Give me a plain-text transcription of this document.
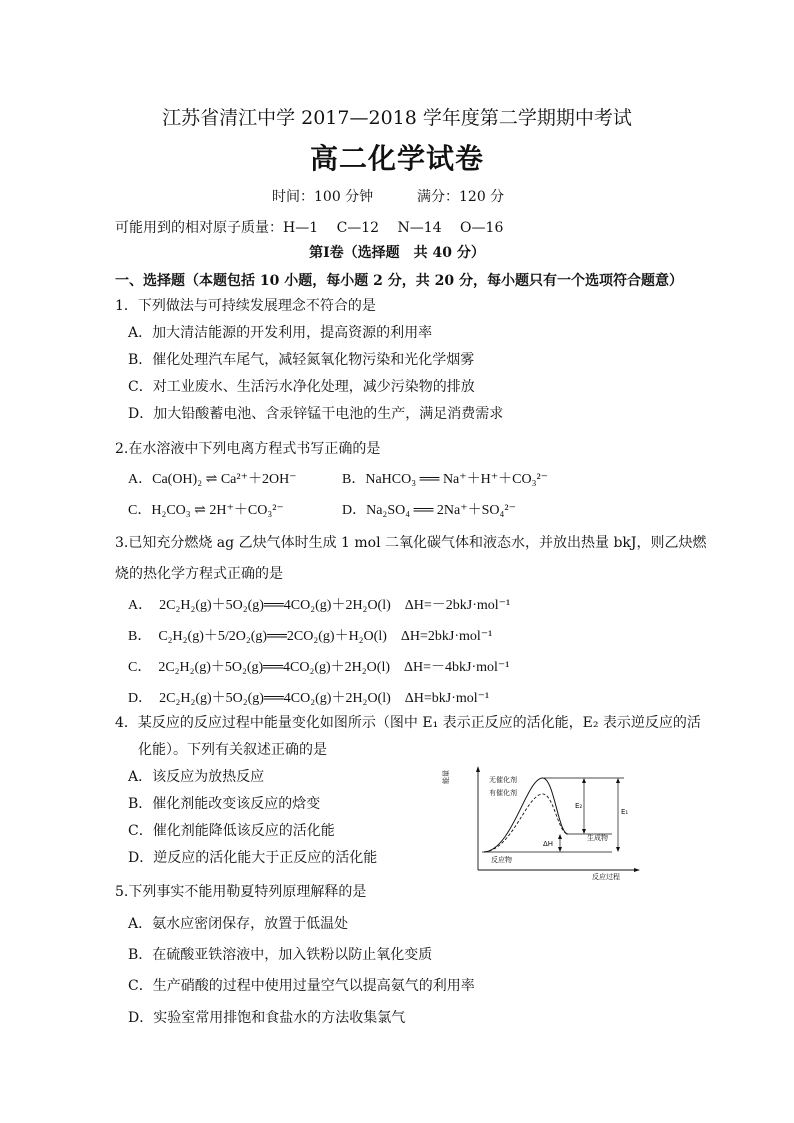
江苏省清江中学 2017—2018 学年度第二学期期中考试
高二化学试卷
时间：100 分钟	满分：120 分
可能用到的相对原子质量：H—1　 C—12　 N—14　 O—16
第Ⅰ卷（选择题　共 40 分）
一、选择题（本题包括 10 小题，每小题 2 分，共 20 分，每小题只有一个选项符合题意）
1．下列做法与可持续发展理念不符合的是
A．加大清洁能源的开发利用，提高资源的利用率
B．催化处理汽车尾气，减轻氮氧化物污染和光化学烟雾
C．对工业废水、生活污水净化处理，减少污染物的排放
D．加大铅酸蓄电池、含汞锌锰干电池的生产，满足消费需求
2.在水溶液中下列电离方程式书写正确的是
A．Ca(OH)₂ ⇌ Ca²⁺＋2OH⁻	B．NaHCO₃ ══ Na⁺＋H⁺＋CO₃²⁻
C．H₂CO₃ ⇌ 2H⁺＋CO₃²⁻	D．Na₂SO₄ ══ 2Na⁺＋SO₄²⁻
3.已知充分燃烧 ag 乙炔气体时生成 1 mol 二氧化碳气体和液态水，并放出热量 bkJ，则乙炔燃
烧的热化学方程式正确的是
A．　2C₂H₂(g)＋5O₂(g)══4CO₂(g)＋2H₂O(l)　ΔH=－2bkJ·mol⁻¹
B．　C₂H₂(g)＋5/2O₂(g)══2CO₂(g)＋H₂O(l)　ΔH=2bkJ·mol⁻¹
C．　2C₂H₂(g)＋5O₂(g)══4CO₂(g)＋2H₂O(l)　ΔH=－4bkJ·mol⁻¹
D．　2C₂H₂(g)＋5O₂(g)══4CO₂(g)＋2H₂O(l)　ΔH=bkJ·mol⁻¹
4．某反应的反应过程中能量变化如图所示（图中 E₁ 表示正反应的活化能，E₂ 表示逆反应的活
化能）。下列有关叙述正确的是
A．该反应为放热反应
B．催化剂能改变该反应的焓变
C．催化剂能降低该反应的活化能
D．逆反应的活化能大于正反应的活化能
能量
反应过程
E₂
E₁
ΔH
无催化剂
有催化剂
生成物
反应物
5.下列事实不能用勒夏特列原理解释的是
A．氨水应密闭保存，放置于低温处
B．在硫酸亚铁溶液中，加入铁粉以防止氧化变质
C．生产硝酸的过程中使用过量空气以提高氨气的利用率
D．实验室常用排饱和食盐水的方法收集氯气
